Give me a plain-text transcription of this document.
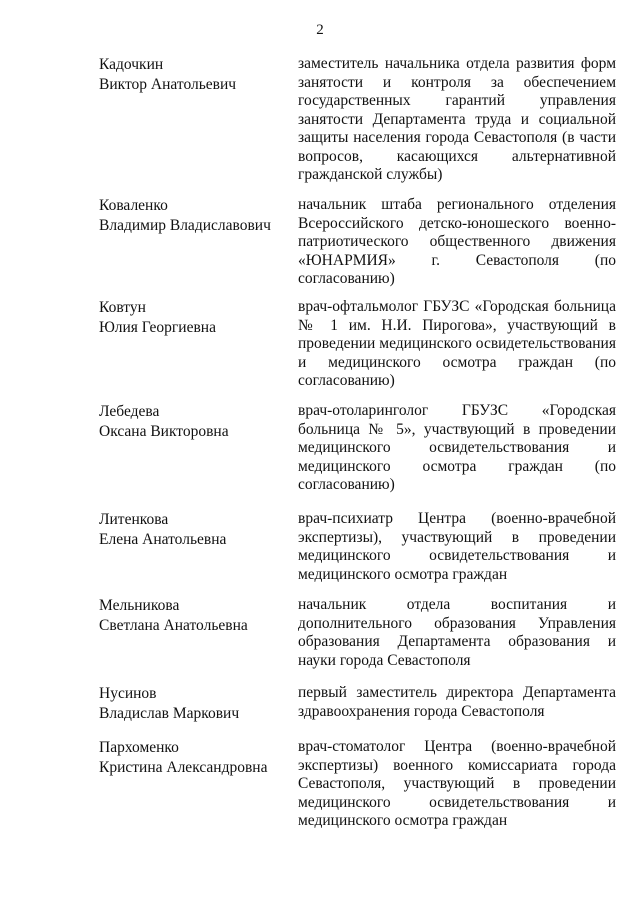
2
Кадочкин
Виктор Анатольевич
заместитель начальника отдела развития форм занятости и контроля за обеспечением государственных гарантий управления занятости Департамента труда и социальной защиты населения города Севастополя (в части вопросов, касающихся альтернативной гражданской службы)
Коваленко
Владимир Владиславович
начальник штаба регионального отделения Всероссийского детско-юношеского военно-патриотического общественного движения «ЮНАРМИЯ» г. Севастополя (по согласованию)
Ковтун
Юлия Георгиевна
врач-офтальмолог ГБУЗС «Городская больница № 1 им. Н.И. Пирогова», участвующий в проведении медицинского освидетельствования и медицинского осмотра граждан (по согласованию)
Лебедева
Оксана Викторовна
врач-отоларинголог ГБУЗС «Городская больница № 5», участвующий в проведении медицинского освидетельствования и медицинского осмотра граждан (по согласованию)
Литенкова
Елена Анатольевна
врач-психиатр Центра (военно-врачебной экспертизы), участвующий в проведении медицинского освидетельствования и медицинского осмотра граждан
Мельникова
Светлана Анатольевна
начальник отдела воспитания и дополнительного образования Управления образования Департамента образования и науки города Севастополя
Нусинов
Владислав Маркович
первый заместитель директора Департамента здравоохранения города Севастополя
Пархоменко
Кристина Александровна
врач-стоматолог Центра (военно-врачебной экспертизы) военного комиссариата города Севастополя, участвующий в проведении медицинского освидетельствования и медицинского осмотра граждан
